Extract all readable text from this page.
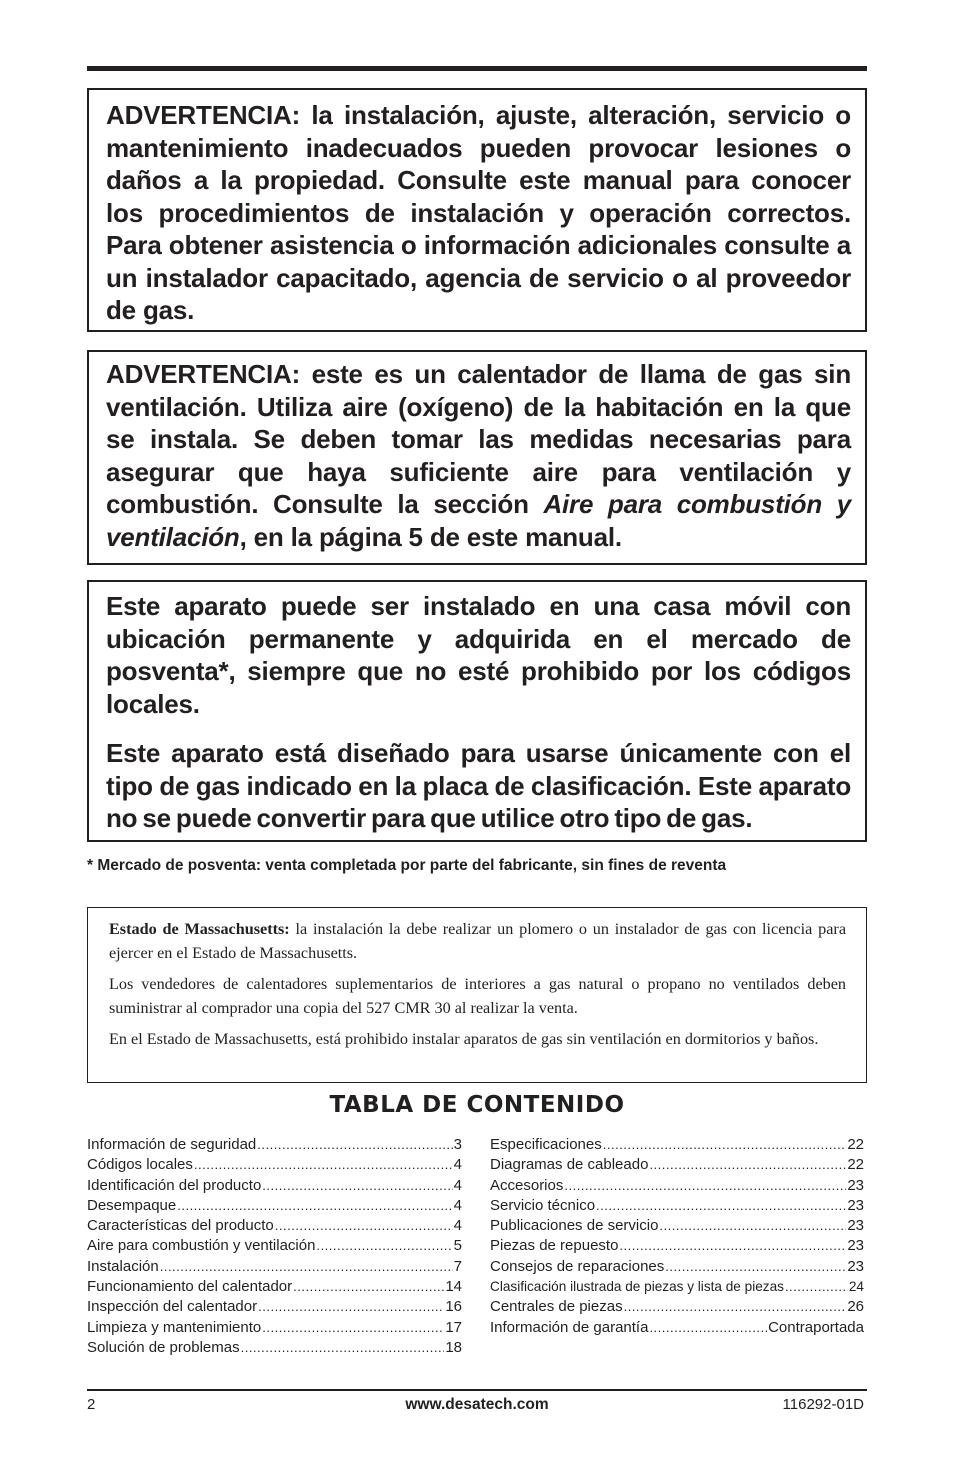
ADVERTENCIA: la instalación, ajuste, alteración, servicio o mantenimiento inadecuados pueden provocar lesiones o daños a la propiedad. Consulte este manual para conocer los procedimientos de instalación y operación correctos. Para obtener asistencia o información adicionales consulte a un instalador capacitado, agencia de servicio o al proveedor de gas.

ADVERTENCIA: este es un calentador de llama de gas sin ventilación. Utiliza aire (oxígeno) de la habitación en la que se instala. Se deben tomar las medidas necesarias para asegurar que haya suficiente aire para ventilación y combustión. Consulte la sección Aire para combustión y ventilación, en la página 5 de este manual.

Este aparato puede ser instalado en una casa móvil con ubicación permanente y adquirida en el mercado de posventa*, siempre que no esté prohibido por los códigos locales.

Este aparato está diseñado para usarse únicamente con el tipo de gas indicado en la placa de clasificación. Este aparato no se puede convertir para que utilice otro tipo de gas.

* Mercado de posventa: venta completada por parte del fabricante, sin fines de reventa

Estado de Massachusetts: la instalación la debe realizar un plomero o un instalador de gas con licencia para ejercer en el Estado de Massachusetts.

Los vendedores de calentadores suplementarios de interiores a gas natural o propano no ventilados deben suministrar al comprador una copia del 527 CMR 30 al realizar la venta.

En el Estado de Massachusetts, está prohibido instalar aparatos de gas sin ventilación en dormitorios y baños.

TABLA DE CONTENIDO
Información de seguridad .....	3
Códigos locales .....	4
Identificación del producto .....	4
Desempaque .....	4
Características del producto .....	4
Aire para combustión y ventilación .....	5
Instalación .....	7
Funcionamiento del calentador .....	14
Inspección del calentador .....	16
Limpieza y mantenimiento .....	17
Solución de problemas .....	18
Especificaciones .....	22
Diagramas de cableado .....	22
Accesorios .....	23
Servicio técnico .....	23
Publicaciones de servicio .....	23
Piezas de repuesto .....	23
Consejos de reparaciones .....	23
Clasificación ilustrada de piezas y lista de piezas .....	24
Centrales de piezas .....	26
Información de garantía .....	Contraportada
2	www.desatech.com	116292-01D
